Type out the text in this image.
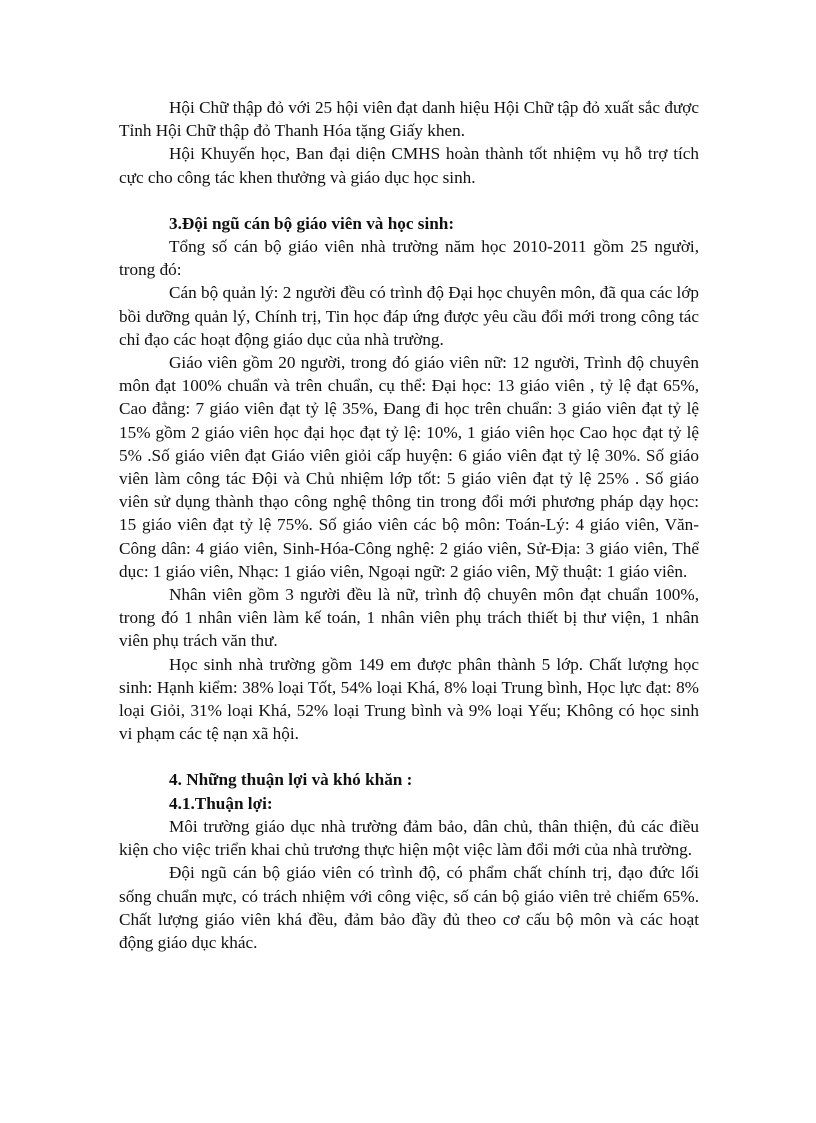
Hội Chữ thập đỏ với 25 hội viên đạt danh hiệu Hội Chữ tập đỏ xuất sắc được Tỉnh Hội Chữ thập đỏ Thanh Hóa tặng Giấy khen.

Hội Khuyến học, Ban đại diện CMHS hoàn thành tốt nhiệm vụ hỗ trợ tích cực cho công tác khen thưởng và giáo dục học sinh.

3.Đội ngũ cán bộ giáo viên và học sinh:

Tổng số cán bộ giáo viên nhà trường năm học 2010-2011 gồm 25 người, trong đó:

Cán bộ quản lý: 2 người đều có trình độ Đại học chuyên môn, đã qua các lớp bồi dưỡng quản lý, Chính trị, Tin học đáp ứng được yêu cầu đổi mới trong công tác chỉ đạo các hoạt động giáo dục của nhà trường.

Giáo viên gồm 20 người, trong đó giáo viên nữ: 12 người, Trình độ chuyên môn đạt 100% chuẩn và trên chuẩn, cụ thể: Đại học: 13 giáo viên , tỷ lệ đạt 65%, Cao đẳng: 7 giáo viên đạt tỷ lệ 35%, Đang đi học trên chuẩn: 3 giáo viên đạt tỷ lệ 15% gồm 2 giáo viên học đại học đạt tỷ lệ: 10%, 1 giáo viên học Cao học đạt tỷ lệ 5% .Số giáo viên đạt Giáo viên giỏi cấp huyện: 6 giáo viên đạt tỷ lệ 30%. Số giáo viên làm công tác Đội và Chủ nhiệm lớp tốt: 5 giáo viên đạt tỷ lệ 25% . Số giáo viên sử dụng thành thạo công nghệ thông tin trong đổi mới phương pháp dạy học: 15 giáo viên đạt tỷ lệ 75%. Số giáo viên các bộ môn: Toán-Lý: 4 giáo viên, Văn-Công dân: 4 giáo viên, Sinh-Hóa-Công nghệ: 2 giáo viên, Sử-Địa: 3 giáo viên, Thể dục: 1 giáo viên, Nhạc: 1 giáo viên, Ngoại ngữ: 2 giáo viên, Mỹ thuật: 1 giáo viên.

Nhân viên gồm 3 người đều là nữ, trình độ chuyên môn đạt chuẩn 100%, trong đó 1 nhân viên làm kế toán, 1 nhân viên phụ trách thiết bị thư viện, 1 nhân viên phụ trách văn thư.

Học sinh nhà trường gồm 149 em được phân thành 5 lớp. Chất lượng học sinh: Hạnh kiểm: 38% loại Tốt, 54% loại Khá, 8% loại Trung bình, Học lực đạt: 8% loại Giỏi, 31% loại Khá, 52% loại Trung bình và 9% loại Yếu; Không có học sinh vi phạm các tệ nạn xã hội.

4. Những thuận lợi và khó khăn :

4.1.Thuận lợi:

Môi trường giáo dục nhà trường đảm bảo, dân chủ, thân thiện, đủ các điều kiện cho việc triển khai chủ trương thực hiện một việc làm đổi mới của nhà trường.

Đội ngũ cán bộ giáo viên có trình độ, có phẩm chất chính trị, đạo đức lối sống chuẩn mực, có trách nhiệm với công việc, số cán bộ giáo viên trẻ chiếm 65%. Chất lượng giáo viên khá đều, đảm bảo đầy đủ theo cơ cấu bộ môn và các hoạt động giáo dục khác.
